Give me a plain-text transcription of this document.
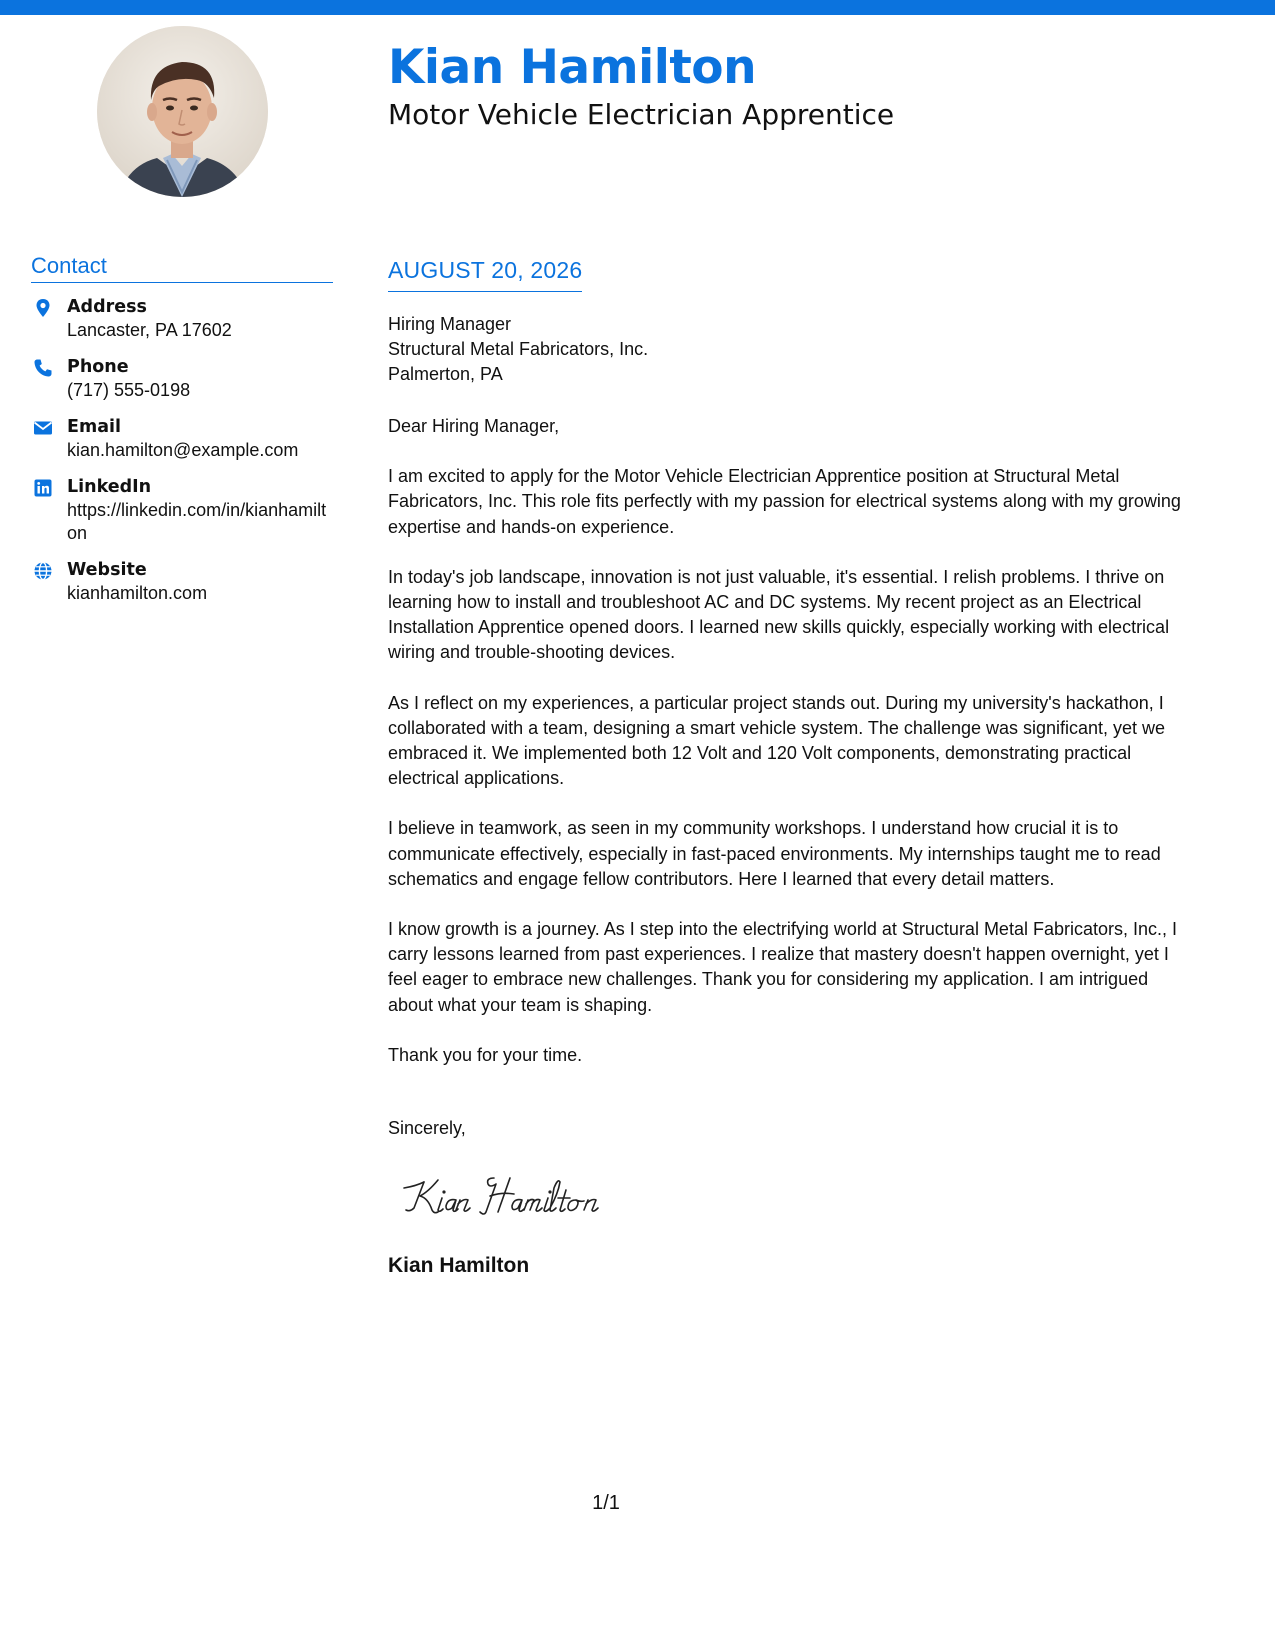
Kian Hamilton
Motor Vehicle Electrician Apprentice
Contact
Address
Lancaster, PA 17602
Phone
(717) 555-0198
Email
kian.hamilton@example.com
LinkedIn
https://linkedin.com/in/kianhamilton
Website
kianhamilton.com
AUGUST 20, 2026
Hiring Manager
Structural Metal Fabricators, Inc.
Palmerton, PA

Dear Hiring Manager,

I am excited to apply for the Motor Vehicle Electrician Apprentice position at Structural Metal Fabricators, Inc. This role fits perfectly with my passion for electrical systems along with my growing expertise and hands-on experience.

In today's job landscape, innovation is not just valuable, it's essential. I relish problems. I thrive on learning how to install and troubleshoot AC and DC systems. My recent project as an Electrical Installation Apprentice opened doors. I learned new skills quickly, especially working with electrical wiring and trouble-shooting devices.

As I reflect on my experiences, a particular project stands out. During my university's hackathon, I collaborated with a team, designing a smart vehicle system. The challenge was significant, yet we embraced it. We implemented both 12 Volt and 120 Volt components, demonstrating practical electrical applications.

I believe in teamwork, as seen in my community workshops. I understand how crucial it is to communicate effectively, especially in fast-paced environments. My internships taught me to read schematics and engage fellow contributors. Here I learned that every detail matters.

I know growth is a journey. As I step into the electrifying world at Structural Metal Fabricators, Inc., I carry lessons learned from past experiences. I realize that mastery doesn't happen overnight, yet I feel eager to embrace new challenges. Thank you for considering my application. I am intrigued about what your team is shaping.

Thank you for your time.

Sincerely,
Kian Hamilton
1/1
